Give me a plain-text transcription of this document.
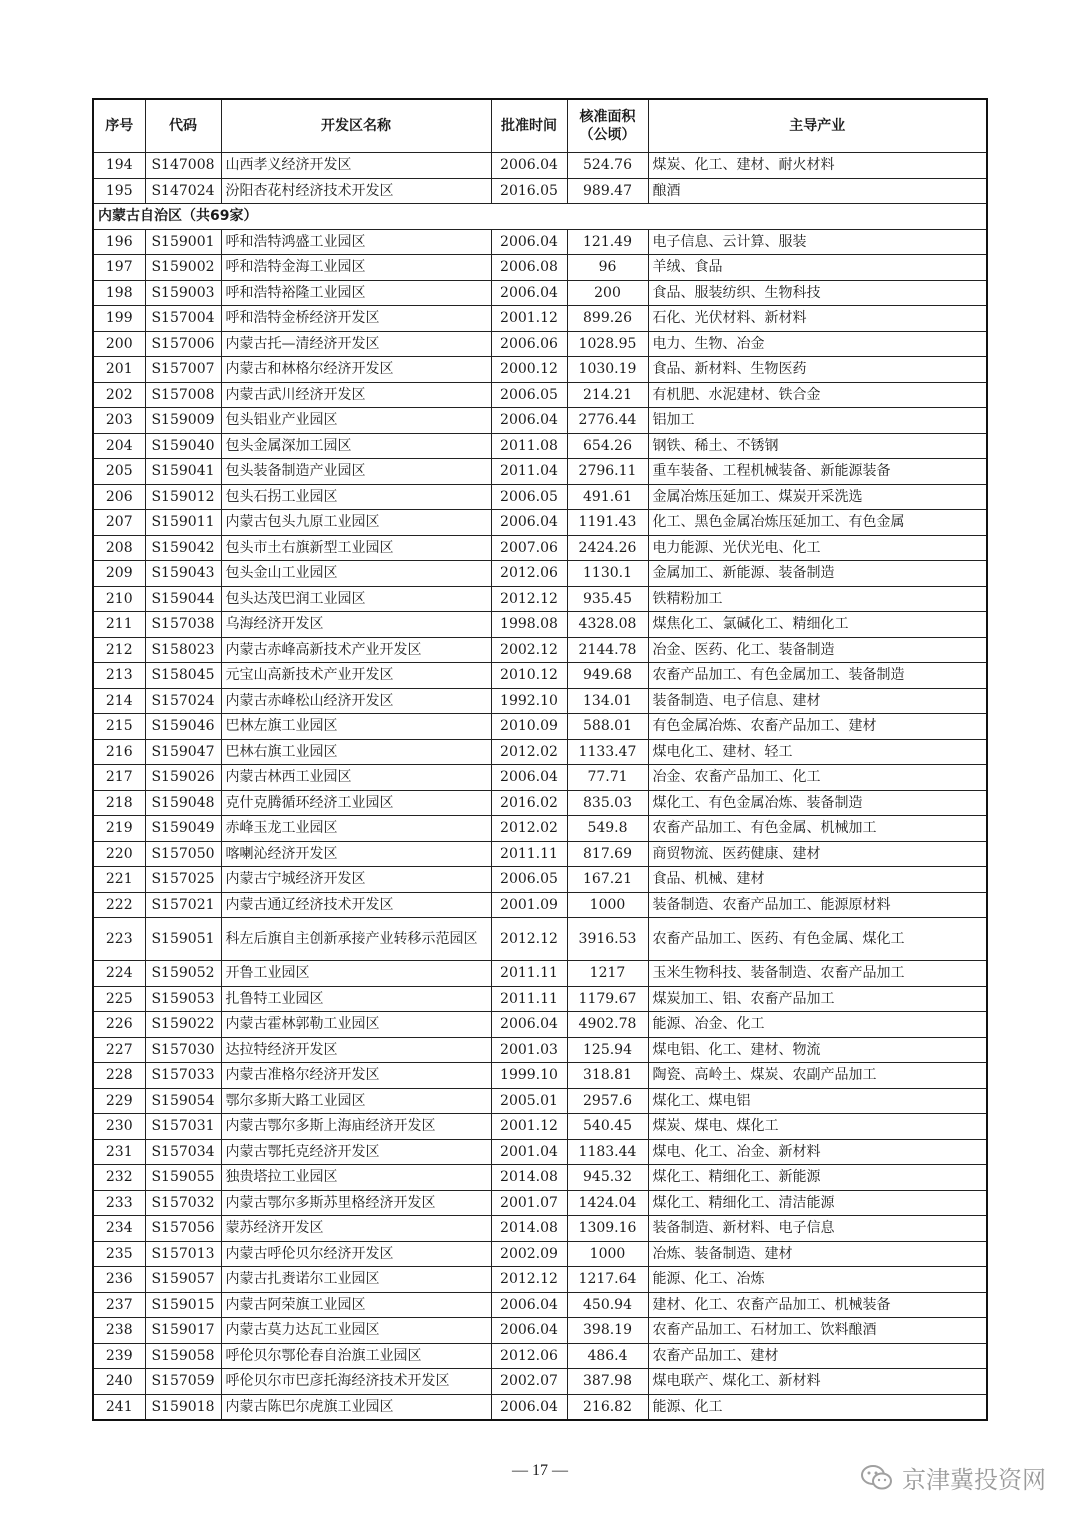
序号	代码	开发区名称	批准时间	核准面积（公顷）	主导产业
194	S147008	山西孝义经济开发区	2006.04	524.76	煤炭、化工、建材、耐火材料
195	S147024	汾阳杏花村经济技术开发区	2016.05	989.47	酿酒
内蒙古自治区（共69家）					
196	S159001	呼和浩特鸿盛工业园区	2006.04	121.49	电子信息、云计算、服装
197	S159002	呼和浩特金海工业园区	2006.08	96	羊绒、食品
198	S159003	呼和浩特裕隆工业园区	2006.04	200	食品、服装纺织、生物科技
199	S157004	呼和浩特金桥经济开发区	2001.12	899.26	石化、光伏材料、新材料
200	S157006	内蒙古托—清经济开发区	2006.06	1028.95	电力、生物、冶金
201	S157007	内蒙古和林格尔经济开发区	2000.12	1030.19	食品、新材料、生物医药
202	S157008	内蒙古武川经济开发区	2006.05	214.21	有机肥、水泥建材、铁合金
203	S159009	包头铝业产业园区	2006.04	2776.44	铝加工
204	S159040	包头金属深加工园区	2011.08	654.26	钢铁、稀土、不锈钢
205	S159041	包头装备制造产业园区	2011.04	2796.11	重车装备、工程机械装备、新能源装备
206	S159012	包头石拐工业园区	2006.05	491.61	金属冶炼压延加工、煤炭开采洗选
207	S159011	内蒙古包头九原工业园区	2006.04	1191.43	化工、黑色金属冶炼压延加工、有色金属
208	S159042	包头市土右旗新型工业园区	2007.06	2424.26	电力能源、光伏光电、化工
209	S159043	包头金山工业园区	2012.06	1130.1	金属加工、新能源、装备制造
210	S159044	包头达茂巴润工业园区	2012.12	935.45	铁精粉加工
211	S157038	乌海经济开发区	1998.08	4328.08	煤焦化工、氯碱化工、精细化工
212	S158023	内蒙古赤峰高新技术产业开发区	2002.12	2144.78	冶金、医药、化工、装备制造
213	S158045	元宝山高新技术产业开发区	2010.12	949.68	农畜产品加工、有色金属加工、装备制造
214	S157024	内蒙古赤峰松山经济开发区	1992.10	134.01	装备制造、电子信息、建材
215	S159046	巴林左旗工业园区	2010.09	588.01	有色金属冶炼、农畜产品加工、建材
216	S159047	巴林右旗工业园区	2012.02	1133.47	煤电化工、建材、轻工
217	S159026	内蒙古林西工业园区	2006.04	77.71	冶金、农畜产品加工、化工
218	S159048	克什克腾循环经济工业园区	2016.02	835.03	煤化工、有色金属冶炼、装备制造
219	S159049	赤峰玉龙工业园区	2012.02	549.8	农畜产品加工、有色金属、机械加工
220	S157050	喀喇沁经济开发区	2011.11	817.69	商贸物流、医药健康、建材
221	S157025	内蒙古宁城经济开发区	2006.05	167.21	食品、机械、建材
222	S157021	内蒙古通辽经济技术开发区	2001.09	1000	装备制造、农畜产品加工、能源原材料
223	S159051	科左后旗自主创新承接产业转移示范园区	2012.12	3916.53	农畜产品加工、医药、有色金属、煤化工
224	S159052	开鲁工业园区	2011.11	1217	玉米生物科技、装备制造、农畜产品加工
225	S159053	扎鲁特工业园区	2011.11	1179.67	煤炭加工、铝、农畜产品加工
226	S159022	内蒙古霍林郭勒工业园区	2006.04	4902.78	能源、冶金、化工
227	S157030	达拉特经济开发区	2001.03	125.94	煤电铝、化工、建材、物流
228	S157033	内蒙古准格尔经济开发区	1999.10	318.81	陶瓷、高岭土、煤炭、农副产品加工
229	S159054	鄂尔多斯大路工业园区	2005.01	2957.6	煤化工、煤电铝
230	S157031	内蒙古鄂尔多斯上海庙经济开发区	2001.12	540.45	煤炭、煤电、煤化工
231	S157034	内蒙古鄂托克经济开发区	2001.04	1183.44	煤电、化工、冶金、新材料
232	S159055	独贵塔拉工业园区	2014.08	945.32	煤化工、精细化工、新能源
233	S157032	内蒙古鄂尔多斯苏里格经济开发区	2001.07	1424.04	煤化工、精细化工、清洁能源
234	S157056	蒙苏经济开发区	2014.08	1309.16	装备制造、新材料、电子信息
235	S157013	内蒙古呼伦贝尔经济开发区	2002.09	1000	冶炼、装备制造、建材
236	S159057	内蒙古扎赉诺尔工业园区	2012.12	1217.64	能源、化工、冶炼
237	S159015	内蒙古阿荣旗工业园区	2006.04	450.94	建材、化工、农畜产品加工、机械装备
238	S159017	内蒙古莫力达瓦工业园区	2006.04	398.19	农畜产品加工、石材加工、饮料酿酒
239	S159058	呼伦贝尔鄂伦春自治旗工业园区	2012.06	486.4	农畜产品加工、建材
240	S157059	呼伦贝尔市巴彦托海经济技术开发区	2002.07	387.98	煤电联产、煤化工、新材料
241	S159018	内蒙古陈巴尔虎旗工业园区	2006.04	216.82	能源、化工
— 17 —	京津冀投资网
